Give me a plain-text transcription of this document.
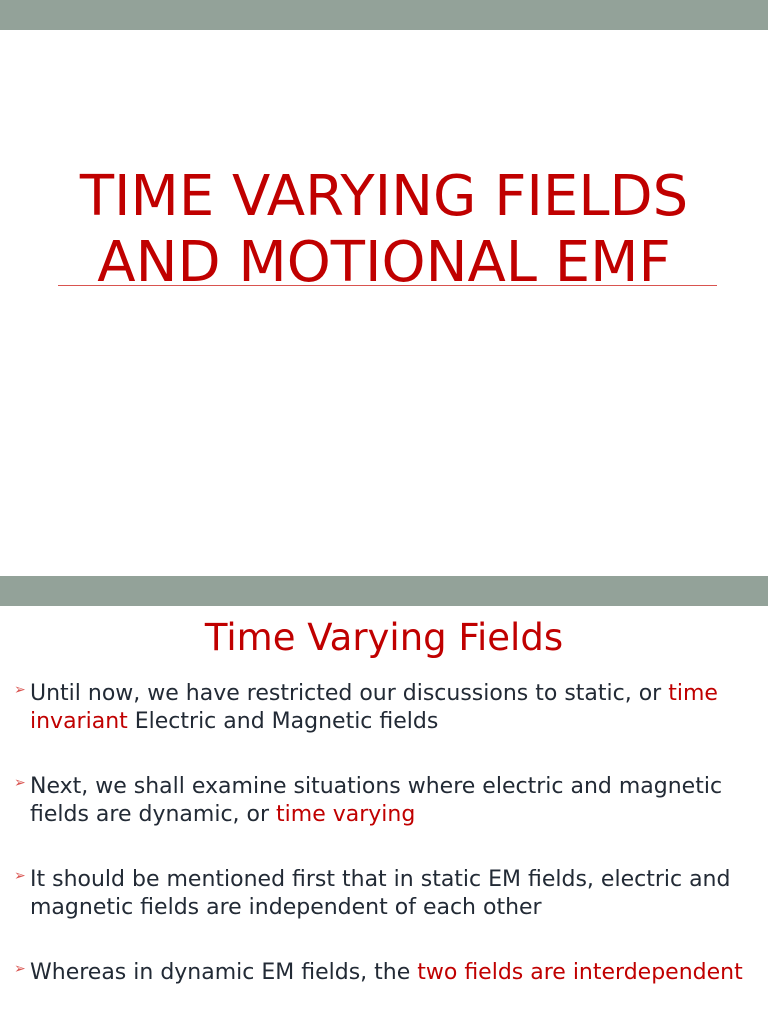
TIME VARYING FIELDS
AND MOTIONAL EMF
Time Varying Fields
➢ Until now, we have restricted our discussions to static, or time invariant Electric and Magnetic fields
➢ Next, we shall examine situations where electric and magnetic fields are dynamic, or time varying
➢ It should be mentioned first that in static EM fields, electric and magnetic fields are independent of each other
➢ Whereas in dynamic EM fields, the two fields are interdependent
